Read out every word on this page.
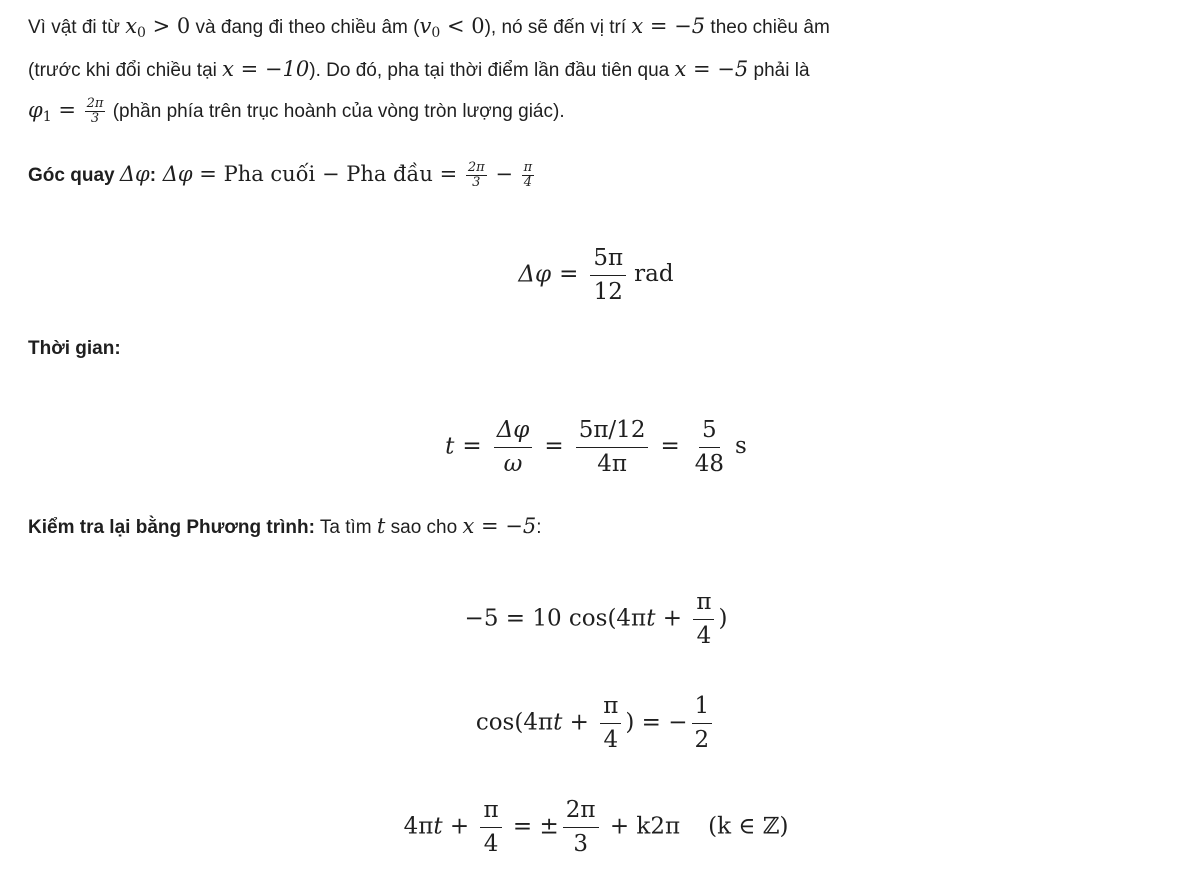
Vì vật đi từ $x_0 > 0$ và đang đi theo chiều âm $(v_0 < 0)$, nó sẽ đến vị trí x = −5 theo chiều âm
(trước khi đổi chiều tại x = −10). Do đó, pha tại thời điểm lần đầu tiên qua x = −5 phải là
$\varphi_1 = \frac{2\pi}{3}$ (phần phía trên trục hoành của vòng tròn lượng giác).
Góc quay Δφ: Δφ = Pha cuối − Pha đầu = $\frac{2\pi}{3} - \frac{\pi}{4}$
$\Delta\varphi = \frac{5\pi}{12}$ rad
Thời gian:
$t = \frac{\Delta\varphi}{\omega} = \frac{5\pi/12}{4\pi} = \frac{5}{48}$ s
Kiểm tra lại bằng Phương trình: Ta tìm t sao cho x = −5:
−5 = 10 $\cos(4\pi t + \frac{\pi}{4}$ )
$\cos(4\pi t + \frac{\pi}{4}$ ) = − $\frac{1}{2}$
$4\pi t + \frac{\pi}{4}$ = ± $\frac{2\pi}{3} + k2\pi$ (k ∈ ℤ)
